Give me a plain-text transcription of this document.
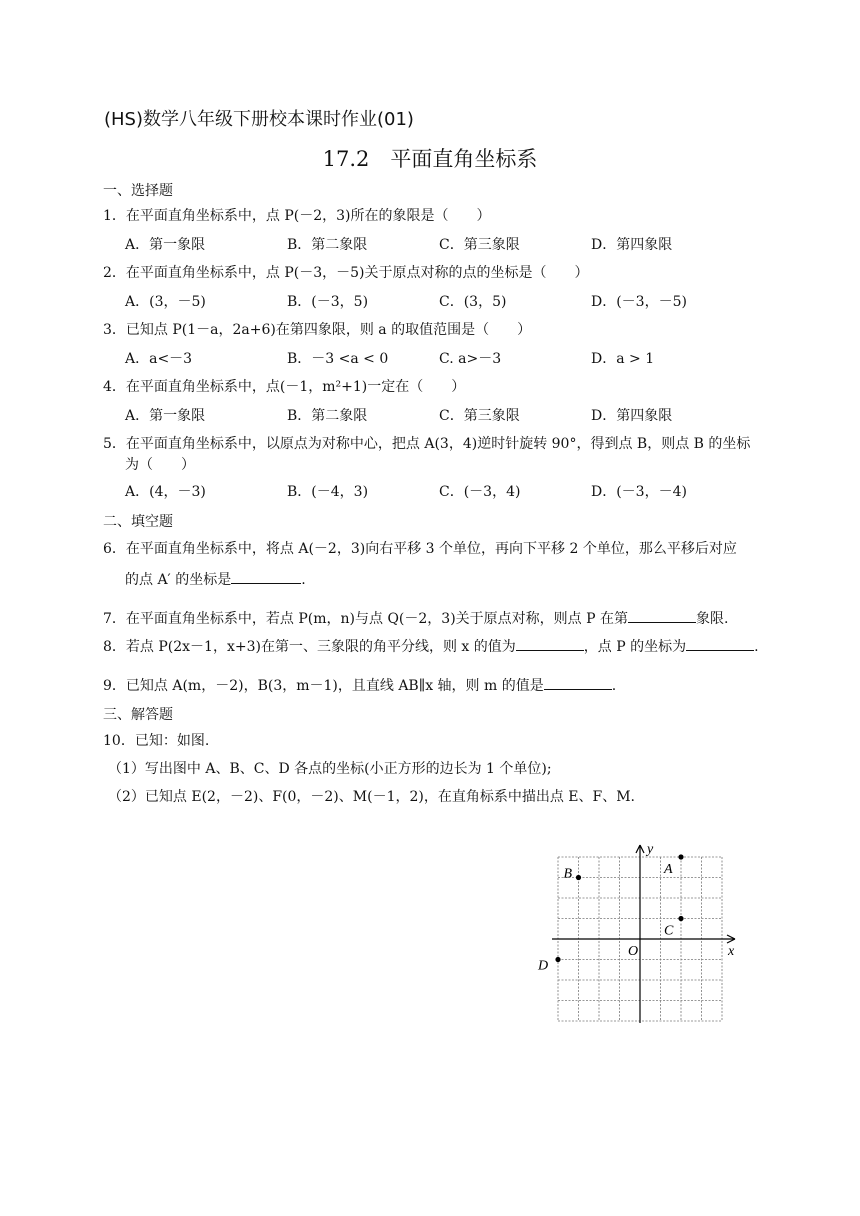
(HS)数学八年级下册校本课时作业(01)
17.2　平面直角坐标系
一、选择题
1．在平面直角坐标系中，点 P(－2，3)所在的象限是（　　）
A．第一象限	B．第二象限	C．第三象限	D．第四象限
2．在平面直角坐标系中，点 P(－3，－5)关于原点对称的点的坐标是（　　）
A．(3，－5)	B．(－3，5)	C．(3，5)	D．(－3，－5)
3．已知点 P(1－a，2a+6)在第四象限，则 a 的取值范围是（　　）
A．a<－3	B．－3 <a < 0	C. a>－3	D．a > 1
4．在平面直角坐标系中，点(－1，m²+1)一定在（　　）
A．第一象限	B．第二象限	C．第三象限	D．第四象限
5．在平面直角坐标系中，以原点为对称中心，把点 A(3，4)逆时针旋转 90°，得到点 B，则点 B 的坐标
为（　　）
A．(4，－3)	B．(－4，3)	C．(－3，4)	D．(－3，－4)
二、填空题
6．在平面直角坐标系中，将点 A(－2，3)向右平移 3 个单位，再向下平移 2 个单位，那么平移后对应
的点 A′ 的坐标是	.
7．在平面直角坐标系中，若点 P(m，n)与点 Q(－2，3)关于原点对称，则点 P 在第	象限.
8．若点 P(2x－1，x+3)在第一、三象限的角平分线，则 x 的值为	，点 P 的坐标为	.
9．已知点 A(m，－2)，B(3，m－1)，且直线 AB∥x 轴，则 m 的值是	.
三、解答题
10．已知：如图.
（1）写出图中 A、B、C、D 各点的坐标(小正方形的边长为 1 个单位);
（2）已知点 E(2，－2)、F(0，－2)、M(－1，2)，在直角标系中描出点 E、F、M.
x
y
O
A
B
C
D
